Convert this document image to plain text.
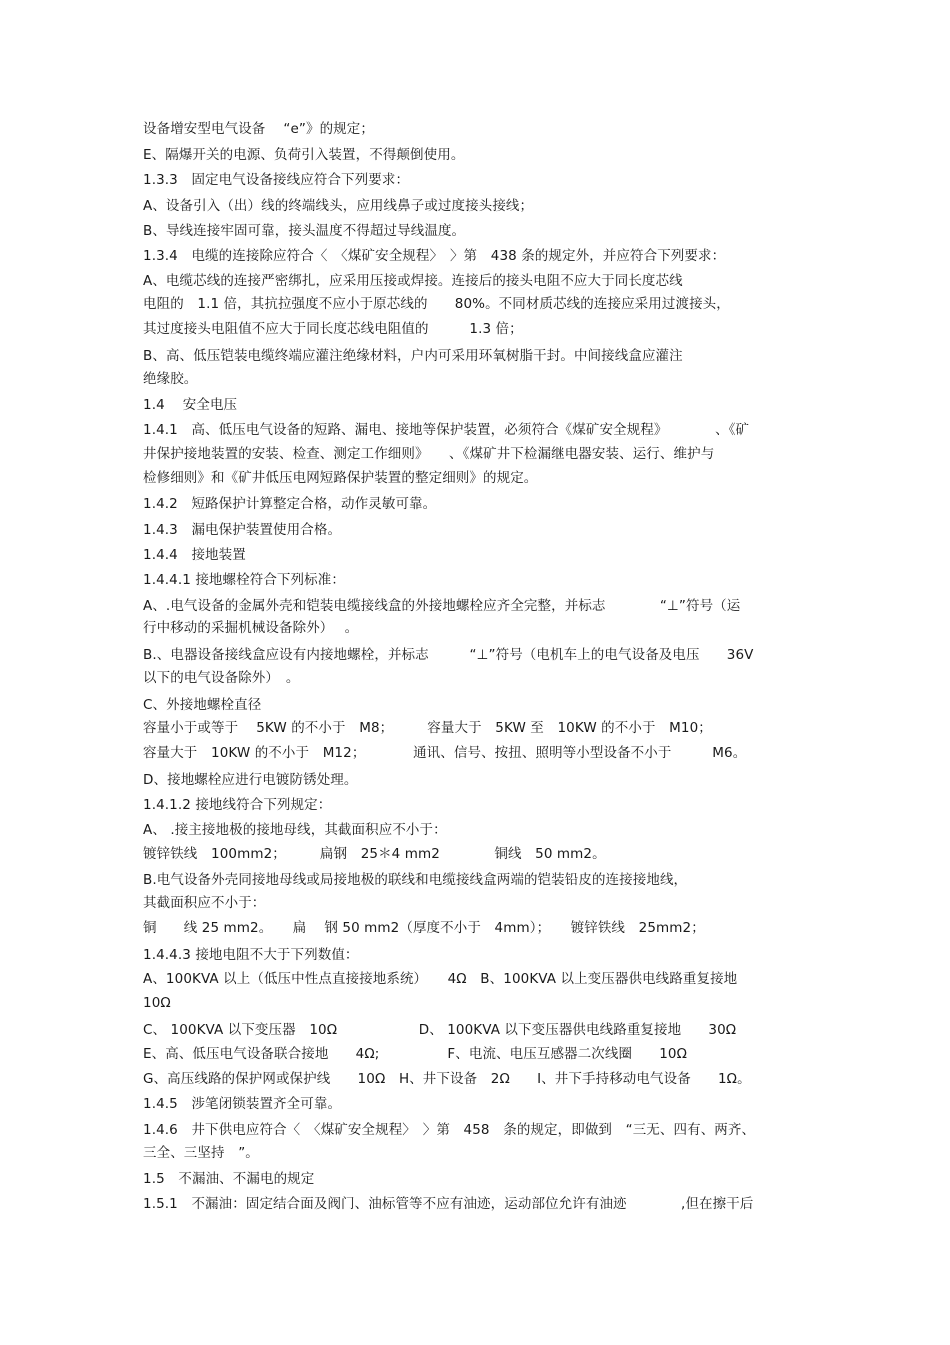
设备增安型电气设备　 “e”》的规定；
E、隔爆开关的电源、负荷引入装置，不得颠倒使用。
1.3.3　固定电气设备接线应符合下列要求：
A、设备引入（出）线的终端线头，应用线鼻子或过度接头接线；
B、导线连接牢固可靠，接头温度不得超过导线温度。
1.3.4　电缆的连接除应符合〈　〈煤矿安全规程〉　〉第　438 条的规定外，并应符合下列要求：
A、电缆芯线的连接严密绑扎，应采用压接或焊接。连接后的接头电阻不应大于同长度芯线
电阻的　1.1 倍，其抗拉强度不应小于原芯线的　　80%。不同材质芯线的连接应采用过渡接头，
其过度接头电阻值不应大于同长度芯线电阻值的　　　1.3 倍；
B、高、低压铠装电缆终端应灌注绝缘材料，户内可采用环氧树脂干封。中间接线盒应灌注
绝缘胶。
1.4　 安全电压
1.4.1　高、低压电气设备的短路、漏电、接地等保护装置，必须符合《煤矿安全规程》　　　　、《矿
井保护接地装置的安装、检查、测定工作细则》　　、《煤矿井下检漏继电器安装、运行、维护与
检修细则》和《矿井低压电网短路保护装置的整定细则》的规定。
1.4.2　短路保护计算整定合格，动作灵敏可靠。
1.4.3　漏电保护装置使用合格。
1.4.4　接地装置
1.4.4.1 接地螺栓符合下列标准：
A、.电气设备的金属外壳和铠装电缆接线盒的外接地螺栓应齐全完整，并标志　　　　“⊥”符号（运
行中移动的采掘机械设备除外）　 。
B.、电器设备接线盒应设有内接地螺栓，并标志　　　“⊥”符号（电机车上的电气设备及电压　　36V
以下的电气设备除外）　。
C、外接地螺栓直径
容量小于或等于　 5KW 的不小于　M8；　　　容量大于　5KW 至　10KW 的不小于　M10；
容量大于　10KW 的不小于　M12；　　　　通讯、信号、按扭、照明等小型设备不小于　　　M6。
D、接地螺栓应进行电镀防锈处理。
1.4.1.2 接地线符合下列规定：
A、 .接主接地极的接地母线，其截面积应不小于：
镀锌铁线　100mm2；　　　扁钢　25＊4 mm2　　　　铜线　50 mm2。
B.电气设备外壳同接地母线或局接地极的联线和电缆接线盒两端的铠装铅皮的连接接地线，
其截面积应不小于：
铜　　线 25 mm2。　　扁　 钢 50 mm2（厚度不小于　4mm）；　　镀锌铁线　25mm2；
1.4.4.3 接地电阻不大于下列数值：
A、100KVA 以上（低压中性点直接接地系统）　　4Ω　B、100KVA 以上变压器供电线路重复接地
10Ω
C、 100KVA 以下变压器　10Ω　　　　　　D、 100KVA 以下变压器供电线路重复接地　　30Ω
E、高、低压电气设备联合接地　　4Ω;　　　　　F、电流、电压互感器二次线圈　　10Ω
G、高压线路的保护网或保护线　　10Ω　H、井下设备　2Ω　　I、井下手持移动电气设备　　1Ω。
1.4.5　涉笔闭锁装置齐全可靠。
1.4.6　井下供电应符合〈　〈煤矿安全规程〉　〉第　458　条的规定，即做到　“三无、四有、两齐、
三全、三坚持　”。
1.5　不漏油、不漏电的规定
1.5.1　不漏油：固定结合面及阀门、油标管等不应有油迹，运动部位允许有油迹　　　　,但在擦干后
